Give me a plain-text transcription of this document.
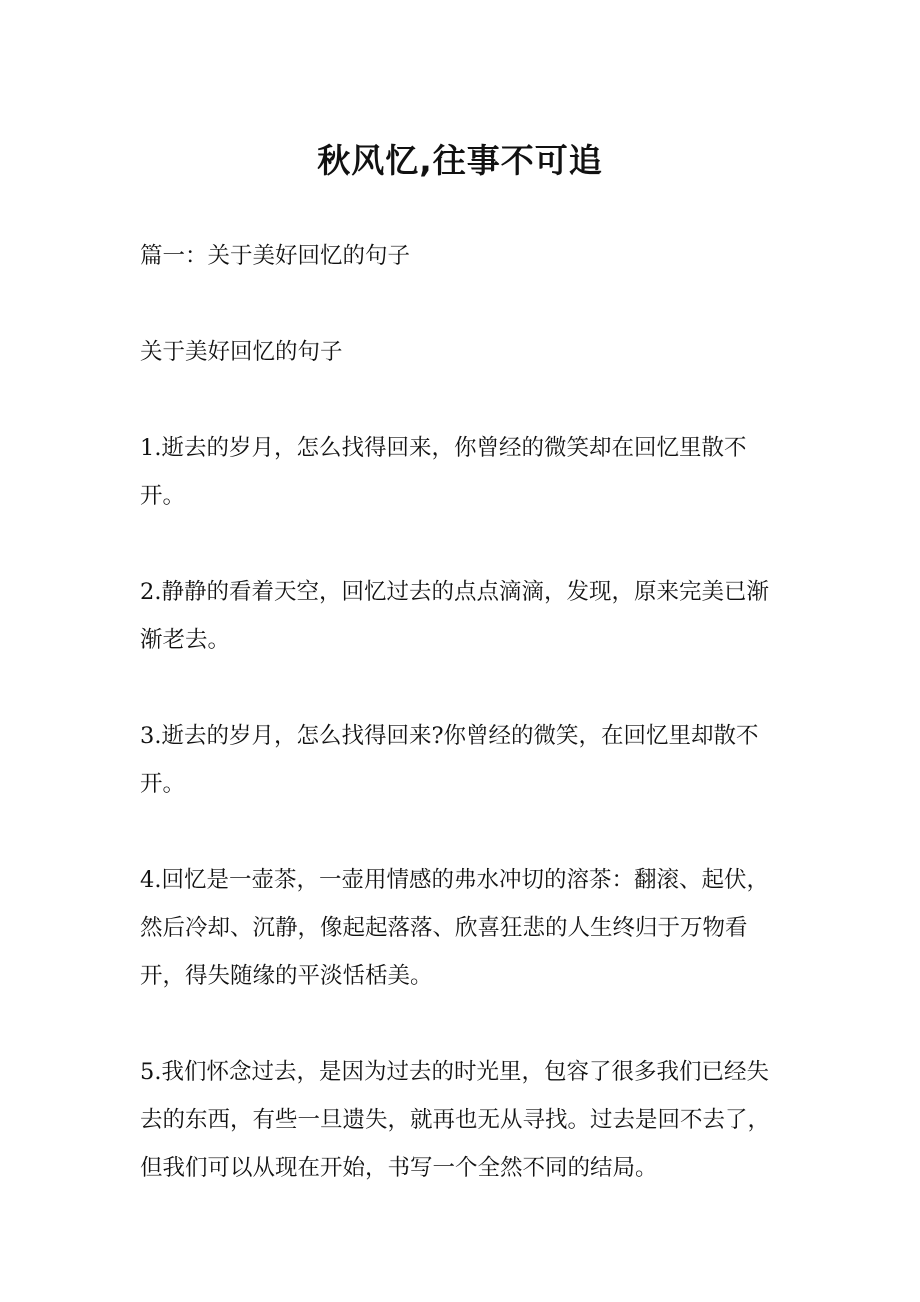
秋风忆,往事不可追

篇一：关于美好回忆的句子

关于美好回忆的句子

1.逝去的岁月，怎么找得回来，你曾经的微笑却在回忆里散不开。

2.静静的看着天空，回忆过去的点点滴滴，发现，原来完美已渐渐老去。

3.逝去的岁月，怎么找得回来?你曾经的微笑，在回忆里却散不开。

4.回忆是一壶茶，一壶用情感的弗水冲切的溶茶：翻滚、起伏，然后冷却、沉静，像起起落落、欣喜狂悲的人生终归于万物看开，得失随缘的平淡恬栝美。

5.我们怀念过去，是因为过去的时光里，包容了很多我们已经失去的东西，有些一旦遗失，就再也无从寻找。过去是回不去了，但我们可以从现在开始，书写一个全然不同的结局。
